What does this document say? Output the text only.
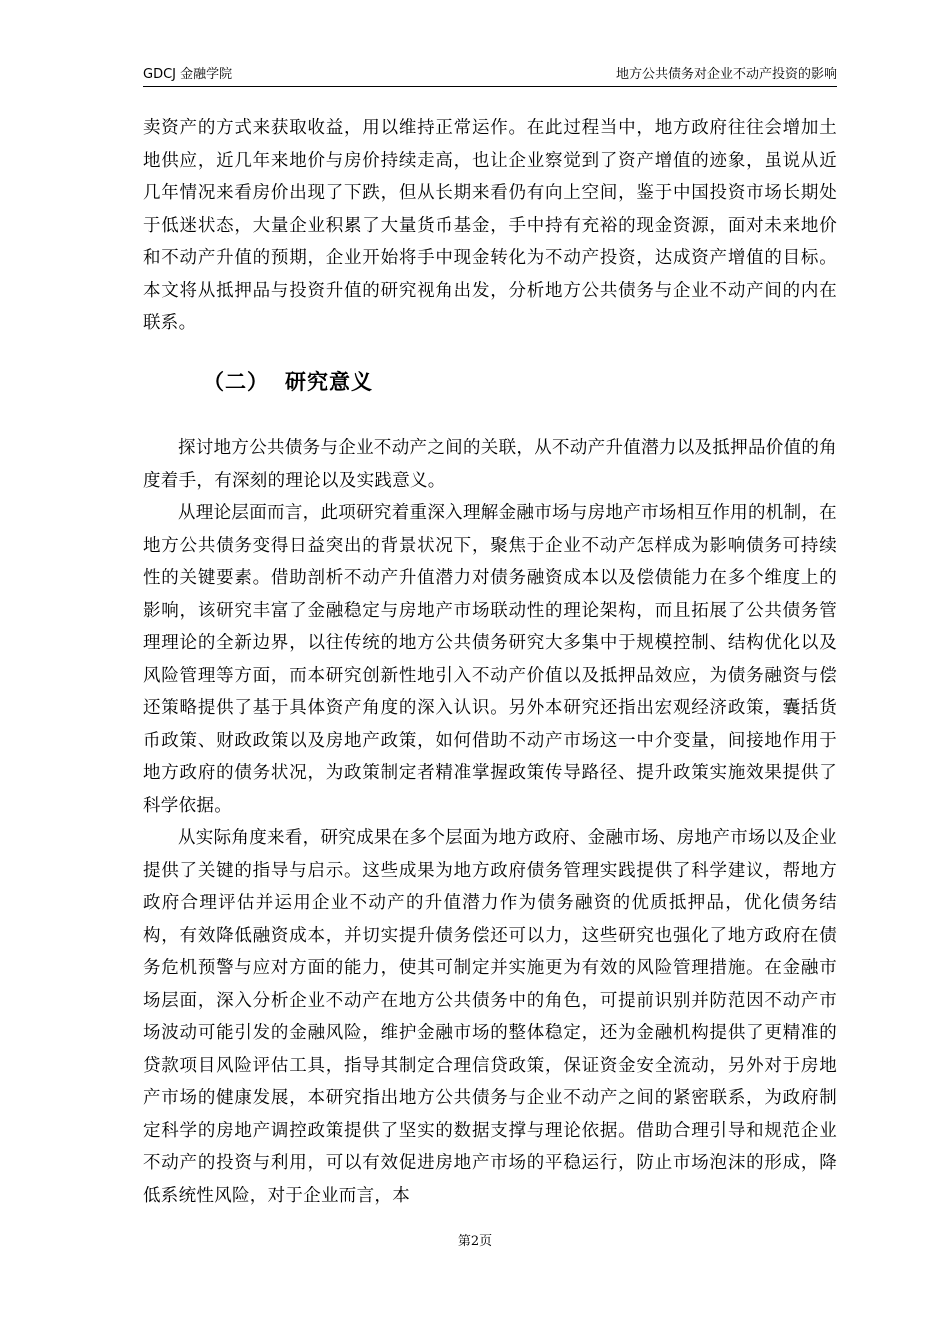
GDCJ 金融学院	地方公共债务对企业不动产投资的影响

卖资产的方式来获取收益，用以维持正常运作。在此过程当中，地方政府往往会增加土地供应，近几年来地价与房价持续走高，也让企业察觉到了资产增值的迹象，虽说从近几年情况来看房价出现了下跌，但从长期来看仍有向上空间，鉴于中国投资市场长期处于低迷状态，大量企业积累了大量货币基金，手中持有充裕的现金资源，面对未来地价和不动产升值的预期，企业开始将手中现金转化为不动产投资，达成资产增值的目标。本文将从抵押品与投资升值的研究视角出发，分析地方公共债务与企业不动产间的内在联系。

（二） 研究意义

探讨地方公共债务与企业不动产之间的关联，从不动产升值潜力以及抵押品价值的角度着手，有深刻的理论以及实践意义。

从理论层面而言，此项研究着重深入理解金融市场与房地产市场相互作用的机制，在地方公共债务变得日益突出的背景状况下，聚焦于企业不动产怎样成为影响债务可持续性的关键要素。借助剖析不动产升值潜力对债务融资成本以及偿债能力在多个维度上的影响，该研究丰富了金融稳定与房地产市场联动性的理论架构，而且拓展了公共债务管理理论的全新边界，以往传统的地方公共债务研究大多集中于规模控制、结构优化以及风险管理等方面，而本研究创新性地引入不动产价值以及抵押品效应，为债务融资与偿还策略提供了基于具体资产角度的深入认识。另外本研究还指出宏观经济政策，囊括货币政策、财政政策以及房地产政策，如何借助不动产市场这一中介变量，间接地作用于地方政府的债务状况，为政策制定者精准掌握政策传导路径、提升政策实施效果提供了科学依据。

从实际角度来看，研究成果在多个层面为地方政府、金融市场、房地产市场以及企业提供了关键的指导与启示。这些成果为地方政府债务管理实践提供了科学建议，帮地方政府合理评估并运用企业不动产的升值潜力作为债务融资的优质抵押品，优化债务结构，有效降低融资成本，并切实提升债务偿还可以力，这些研究也强化了地方政府在债务危机预警与应对方面的能力，使其可制定并实施更为有效的风险管理措施。在金融市场层面，深入分析企业不动产在地方公共债务中的角色，可提前识别并防范因不动产市场波动可能引发的金融风险，维护金融市场的整体稳定，还为金融机构提供了更精准的贷款项目风险评估工具，指导其制定合理信贷政策，保证资金安全流动，另外对于房地产市场的健康发展，本研究指出地方公共债务与企业不动产之间的紧密联系，为政府制定科学的房地产调控政策提供了坚实的数据支撑与理论依据。借助合理引导和规范企业不动产的投资与利用，可以有效促进房地产市场的平稳运行，防止市场泡沫的形成，降低系统性风险，对于企业而言，本

第2页
